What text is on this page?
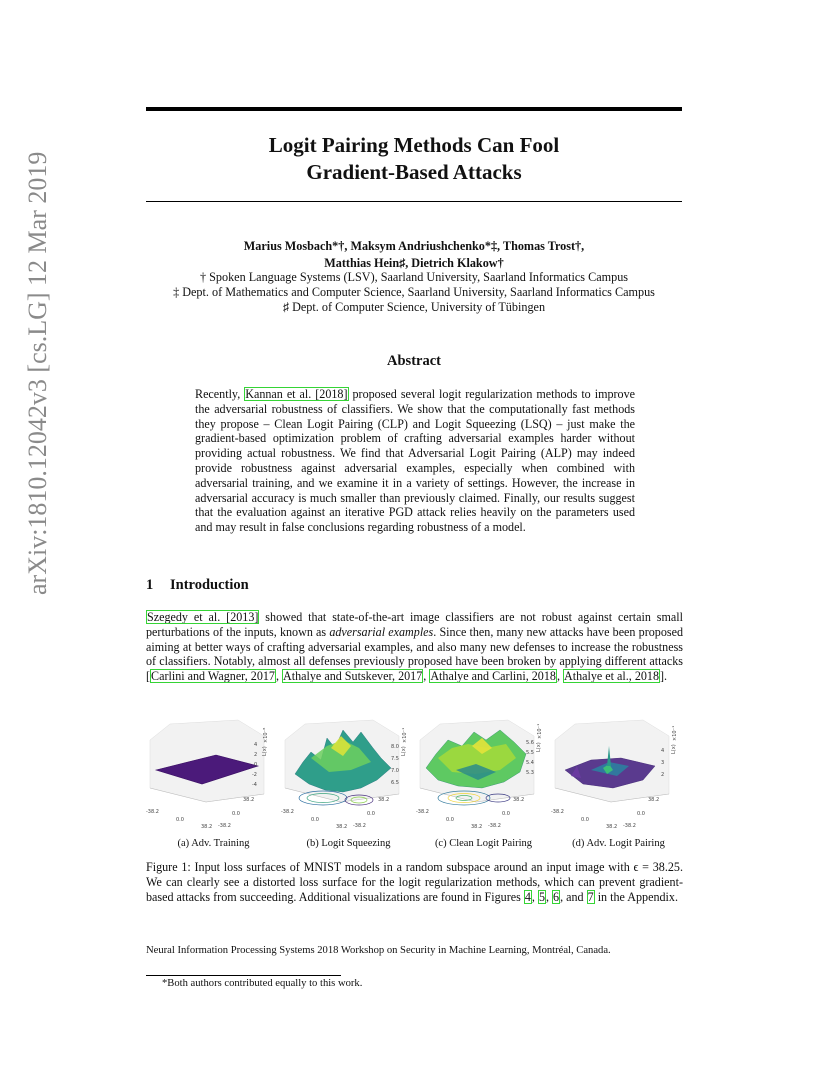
arXiv:1810.12042v3 [cs.LG] 12 Mar 2019
Logit Pairing Methods Can Fool
Gradient-Based Attacks
Marius Mosbach*†, Maksym Andriushchenko*‡, Thomas Trost†,
Matthias Hein♯, Dietrich Klakow†
† Spoken Language Systems (LSV), Saarland University, Saarland Informatics Campus
‡ Dept. of Mathematics and Computer Science, Saarland University, Saarland Informatics Campus
♯ Dept. of Computer Science, University of Tübingen
Abstract
Recently, Kannan et al. [2018] proposed several logit regularization methods to improve the adversarial robustness of classifiers. We show that the computationally fast methods they propose – Clean Logit Pairing (CLP) and Logit Squeezing (LSQ) – just make the gradient-based optimization problem of crafting adversarial examples harder without providing actual robustness. We find that Adversarial Logit Pairing (ALP) may indeed provide robustness against adversarial examples, especially when combined with adversarial training, and we examine it in a variety of settings. However, the increase in adversarial accuracy is much smaller than previously claimed. Finally, our results suggest that the evaluation against an iterative PGD attack relies heavily on the parameters used and may result in false conclusions regarding robustness of a model.
1 Introduction
Szegedy et al. [2013] showed that state-of-the-art image classifiers are not robust against certain small perturbations of the inputs, known as adversarial examples. Since then, many new attacks have been proposed aiming at better ways of crafting adversarial examples, and also many new defenses to increase the robustness of classifiers. Notably, almost all defenses previously proposed have been broken by applying different attacks [Carlini and Wagner, 2017, Athalye and Sutskever, 2017, Athalye and Carlini, 2018, Athalye et al., 2018].
-38.2
0.0
38.2 -38.2
0.0
38.2
4
2
0
-2
-4
L(x)
×10⁻⁸
-38.2
0.0
38.2 -38.2
0.0
38.2
8.0
7.5
7.0
6.5
L(x)
×10⁻¹
-38.2
0.0
38.2 -38.2
0.0
38.2
5.6
5.5
5.4
5.3
L(x)
×10⁻¹
-38.2
0.0
38.2 -38.2
0.0
38.2
4
3
2
L(x)
×10⁻¹
(a) Adv. Training	(b) Logit Squeezing	(c) Clean Logit Pairing	(d) Adv. Logit Pairing
Figure 1: Input loss surfaces of MNIST models in a random subspace around an input image with ϵ = 38.25. We can clearly see a distorted loss surface for the logit regularization methods, which can prevent gradient-based attacks from succeeding. Additional visualizations are found in Figures 4, 5, 6, and 7 in the Appendix.
Neural Information Processing Systems 2018 Workshop on Security in Machine Learning, Montréal, Canada.
*Both authors contributed equally to this work.
